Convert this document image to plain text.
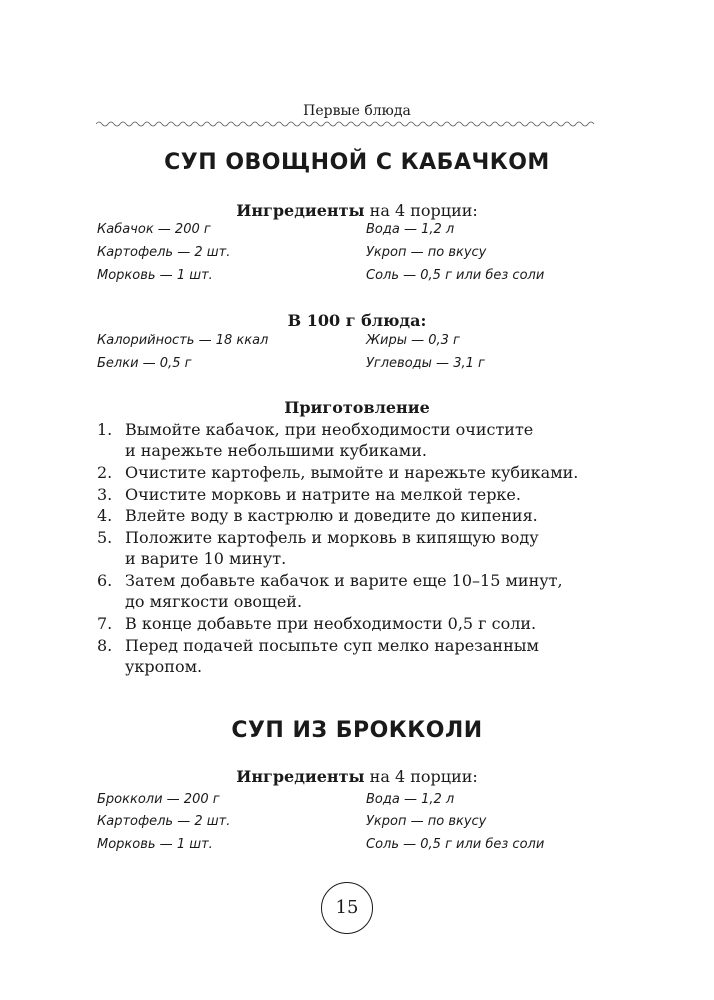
Первые блюда
СУП ОВОЩНОЙ С КАБАЧКОМ
Ингредиенты на 4 порции:
Кабачок — 200 г
Картофель — 2 шт.
Морковь — 1 шт.
Вода — 1,2 л
Укроп — по вкусу
Соль — 0,5 г или без соли
В 100 г блюда:
Калорийность — 18 ккал
Белки — 0,5 г
Жиры — 0,3 г
Углеводы — 3,1 г
Приготовление
1. Вымойте кабачок, при необходимости очистите
и нарежьте небольшими кубиками.
2. Очистите картофель, вымойте и нарежьте кубиками.
3. Очистите морковь и натрите на мелкой терке.
4. Влейте воду в кастрюлю и доведите до кипения.
5. Положите картофель и морковь в кипящую воду
и варите 10 минут.
6. Затем добавьте кабачок и варите еще 10–15 минут,
до мягкости овощей.
7. В конце добавьте при необходимости 0,5 г соли.
8. Перед подачей посыпьте суп мелко нарезанным
укропом.
СУП ИЗ БРОККОЛИ
Ингредиенты на 4 порции:
Брокколи — 200 г
Картофель — 2 шт.
Морковь — 1 шт.
Вода — 1,2 л
Укроп — по вкусу
Соль — 0,5 г или без соли
15
